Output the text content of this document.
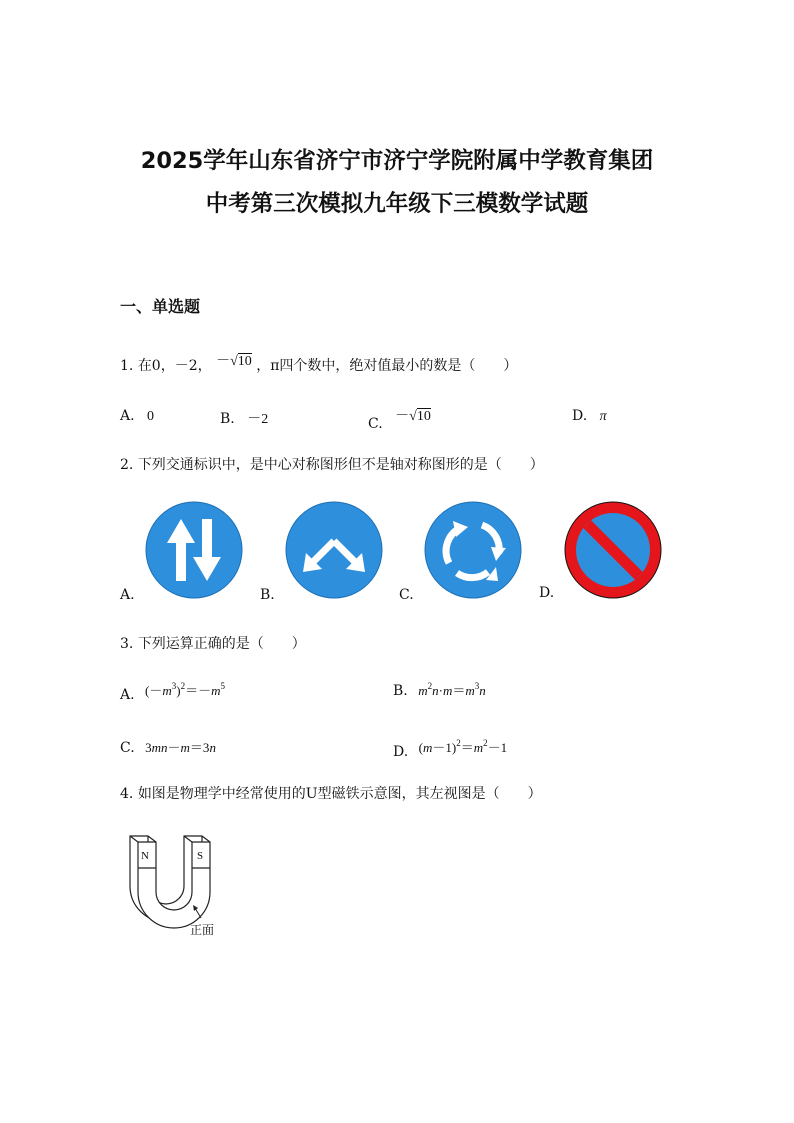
2025学年山东省济宁市济宁学院附属中学教育集团
中考第三次模拟九年级下三模数学试题
一、单选题
1. 在0，－2， －√10 ，π四个数中，绝对值最小的数是（　　）
A. 0	B. －2	C. －√10	D. π
2. 下列交通标识中，是中心对称图形但不是轴对称图形的是（　　）
A.	B.	C.	D.
3. 下列运算正确的是（　　）
A. $(-m^3)^2=-m^5$	B. $m^2n\cdot m=m^3n$
C. 3mn－m＝3n	D. $(m-1)^2=m^2-1$
4. 如图是物理学中经常使用的U型磁铁示意图，其左视图是（　　）
N	S
正面
